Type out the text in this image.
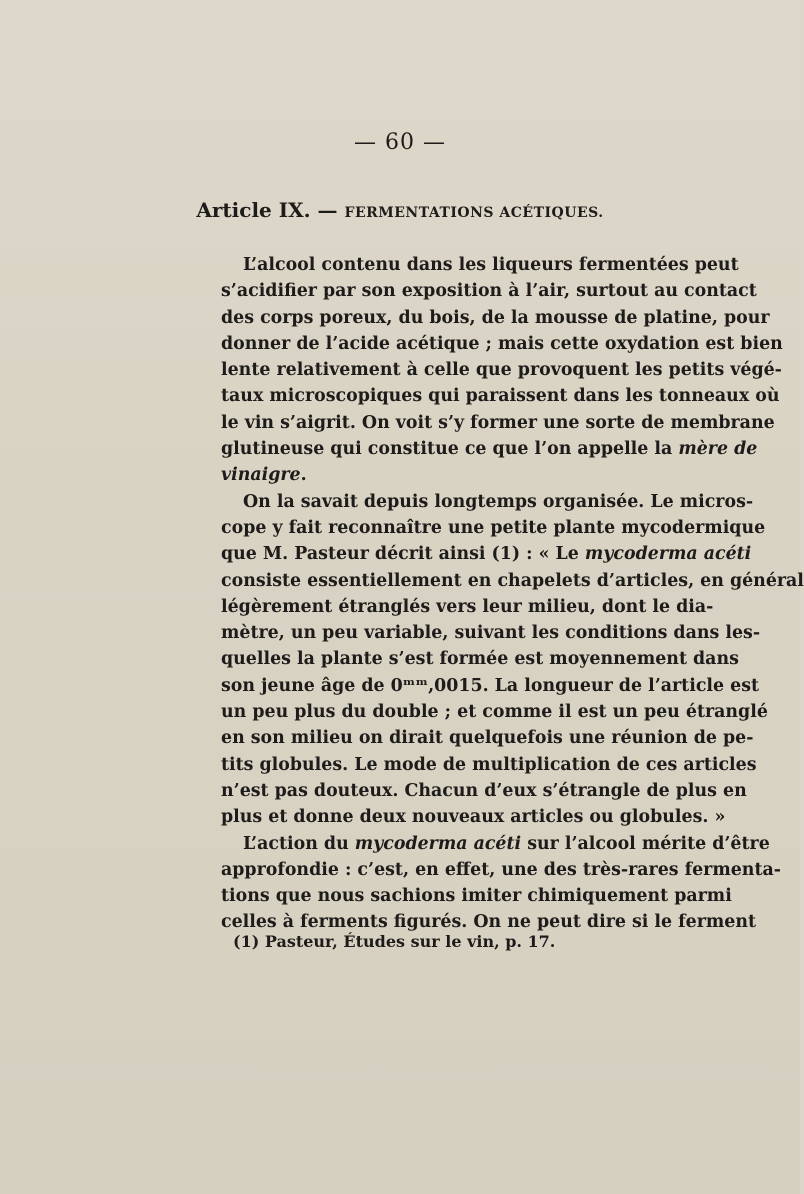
— 60 —
Article IX. — FERMENTATIONS ACÉTIQUES.
L’alcool contenu dans les liqueurs fermentées peut
s’acidifier par son exposition à l’air, surtout au contact
des corps poreux, du bois, de la mousse de platine, pour
donner de l’acide acétique ; mais cette oxydation est bien
lente relativement à celle que provoquent les petits végé-
taux microscopiques qui paraissent dans les tonneaux où
le vin s’aigrit. On voit s’y former une sorte de membrane
glutineuse qui constitue ce que l’on appelle la mère de
vinaigre.
On la savait depuis longtemps organisée. Le micros-
cope y fait reconnaître une petite plante mycodermique
que M. Pasteur décrit ainsi (1) : « Le mycoderma acéti
consiste essentiellement en chapelets d’articles, en général
légèrement étranglés vers leur milieu, dont le dia-
mètre, un peu variable, suivant les conditions dans les-
quelles la plante s’est formée est moyennement dans
son jeune âge de 0ᵐᵐ,0015. La longueur de l’article est
un peu plus du double ; et comme il est un peu étranglé
en son milieu on dirait quelquefois une réunion de pe-
tits globules. Le mode de multiplication de ces articles
n’est pas douteux. Chacun d’eux s’étrangle de plus en
plus et donne deux nouveaux articles ou globules. »
L’action du mycoderma acéti sur l’alcool mérite d’être
approfondie : c’est, en effet, une des très-rares fermenta-
tions que nous sachions imiter chimiquement parmi
celles à ferments figurés. On ne peut dire si le ferment
(1) Pasteur, Études sur le vin, p. 17.
